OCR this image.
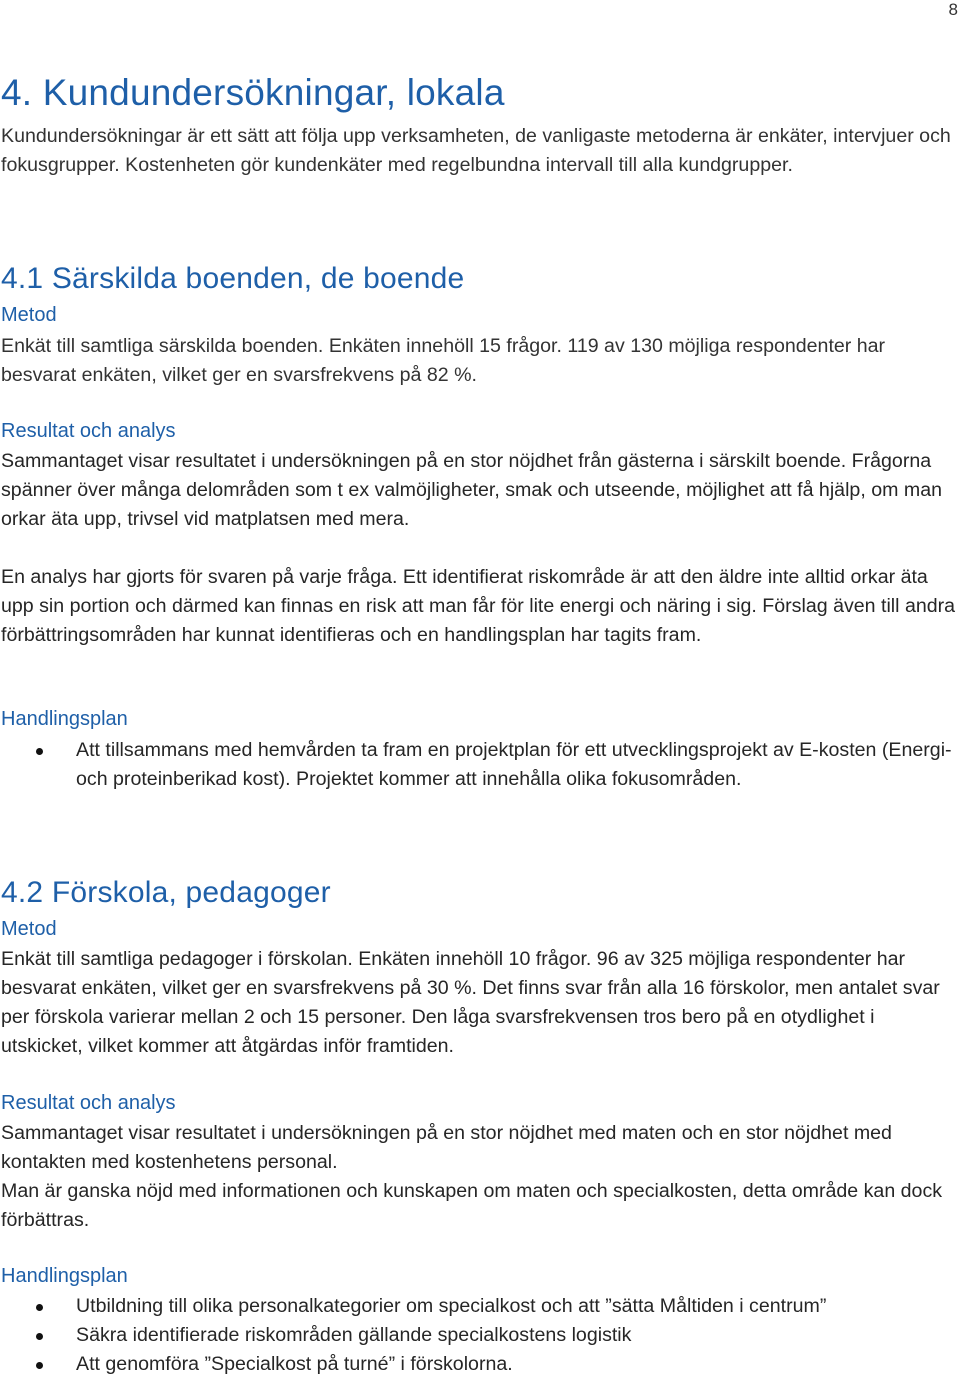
8
4. Kundundersökningar, lokala

Kundundersökningar är ett sätt att följa upp verksamheten, de vanligaste metoderna är enkäter, intervjuer och fokusgrupper. Kostenheten gör kundenkäter med regelbundna intervall till alla kundgrupper.

4.1 Särskilda boenden, de boende
Metod

Enkät till samtliga särskilda boenden. Enkäten innehöll 15 frågor. 119 av 130 möjliga respondenter har besvarat enkäten, vilket ger en svarsfrekvens på 82 %.

Resultat och analys

Sammantaget visar resultatet i undersökningen på en stor nöjdhet från gästerna i särskilt boende. Frågorna spänner över många delområden som t ex valmöjligheter, smak och utseende, möjlighet att få hjälp, om man orkar äta upp, trivsel vid matplatsen med mera.

En analys har gjorts för svaren på varje fråga. Ett identifierat riskområde är att den äldre inte alltid orkar äta upp sin portion och därmed kan finnas en risk att man får för lite energi och näring i sig. Förslag även till andra förbättringsområden har kunnat identifieras och en handlingsplan har tagits fram.

Handlingsplan
Att tillsammans med hemvården ta fram en projektplan för ett utvecklingsprojekt av E-kosten (Energi-och proteinberikad kost). Projektet kommer att innehålla olika fokusområden.
4.2 Förskola, pedagoger
Metod

Enkät till samtliga pedagoger i förskolan. Enkäten innehöll 10 frågor. 96 av 325 möjliga respondenter har besvarat enkäten, vilket ger en svarsfrekvens på 30 %. Det finns svar från alla 16 förskolor, men antalet svar per förskola varierar mellan 2 och 15 personer. Den låga svarsfrekvensen tros bero på en otydlighet i utskicket, vilket kommer att åtgärdas inför framtiden.

Resultat och analys

Sammantaget visar resultatet i undersökningen på en stor nöjdhet med maten och en stor nöjdhet med kontakten med kostenhetens personal.

Man är ganska nöjd med informationen och kunskapen om maten och specialkosten, detta område kan dock förbättras.

Handlingsplan
Utbildning till olika personalkategorier om specialkost och att ”sätta Måltiden i centrum”
Säkra identifierade riskområden gällande specialkostens logistik
Att genomföra ”Specialkost på turné” i förskolorna.
